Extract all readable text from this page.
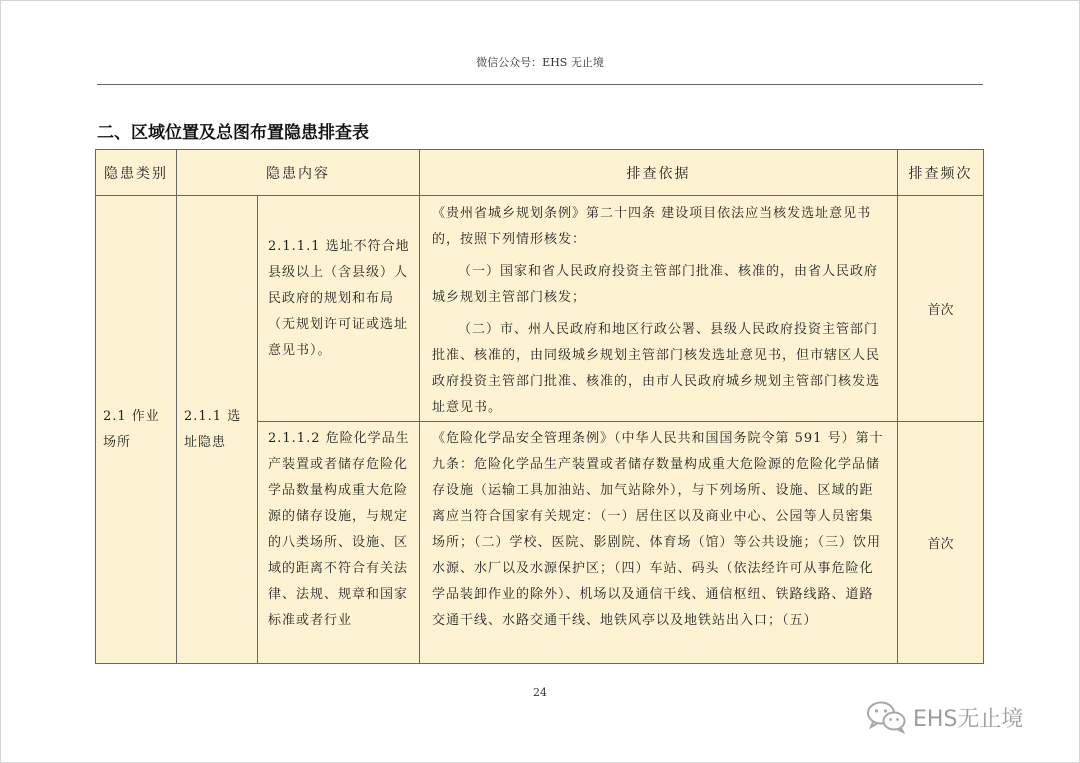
微信公众号：EHS 无止境
二、区域位置及总图布置隐患排查表
隐患类别	隐患内容		排查依据	排查频次

2.1 作业场所	2.1.1 选址隐患	2.1.1.1 选址不符合地县级以上（含县级）人民政府的规划和布局（无规划许可证或选址意见书）。	《贵州省城乡规划条例》第二十四条 建设项目依法应当核发选址意见书的，按照下列情形核发：
（一）国家和省人民政府投资主管部门批准、核准的，由省人民政府城乡规划主管部门核发；
（二）市、州人民政府和地区行政公署、县级人民政府投资主管部门批准、核准的，由同级城乡规划主管部门核发选址意见书，但市辖区人民政府投资主管部门批准、核准的，由市人民政府城乡规划主管部门核发选址意见书。	首次

		2.1.1.2 危险化学品生产装置或者储存危险化学品数量构成重大危险源的储存设施，与规定的八类场所、设施、区域的距离不符合有关法律、法规、规章和国家标准或者行业	《危险化学品安全管理条例》（中华人民共和国国务院令第 591 号）第十九条：危险化学品生产装置或者储存数量构成重大危险源的危险化学品储存设施（运输工具加油站、加气站除外），与下列场所、设施、区域的距离应当符合国家有关规定：（一）居住区以及商业中心、公园等人员密集场所；（二）学校、医院、影剧院、体育场（馆）等公共设施；（三）饮用水源、水厂以及水源保护区；（四）车站、码头（依法经许可从事危险化学品装卸作业的除外）、机场以及通信干线、通信枢纽、铁路线路、道路交通干线、水路交通干线、地铁风亭以及地铁站出入口；（五）	首次
24
EHS无止境
